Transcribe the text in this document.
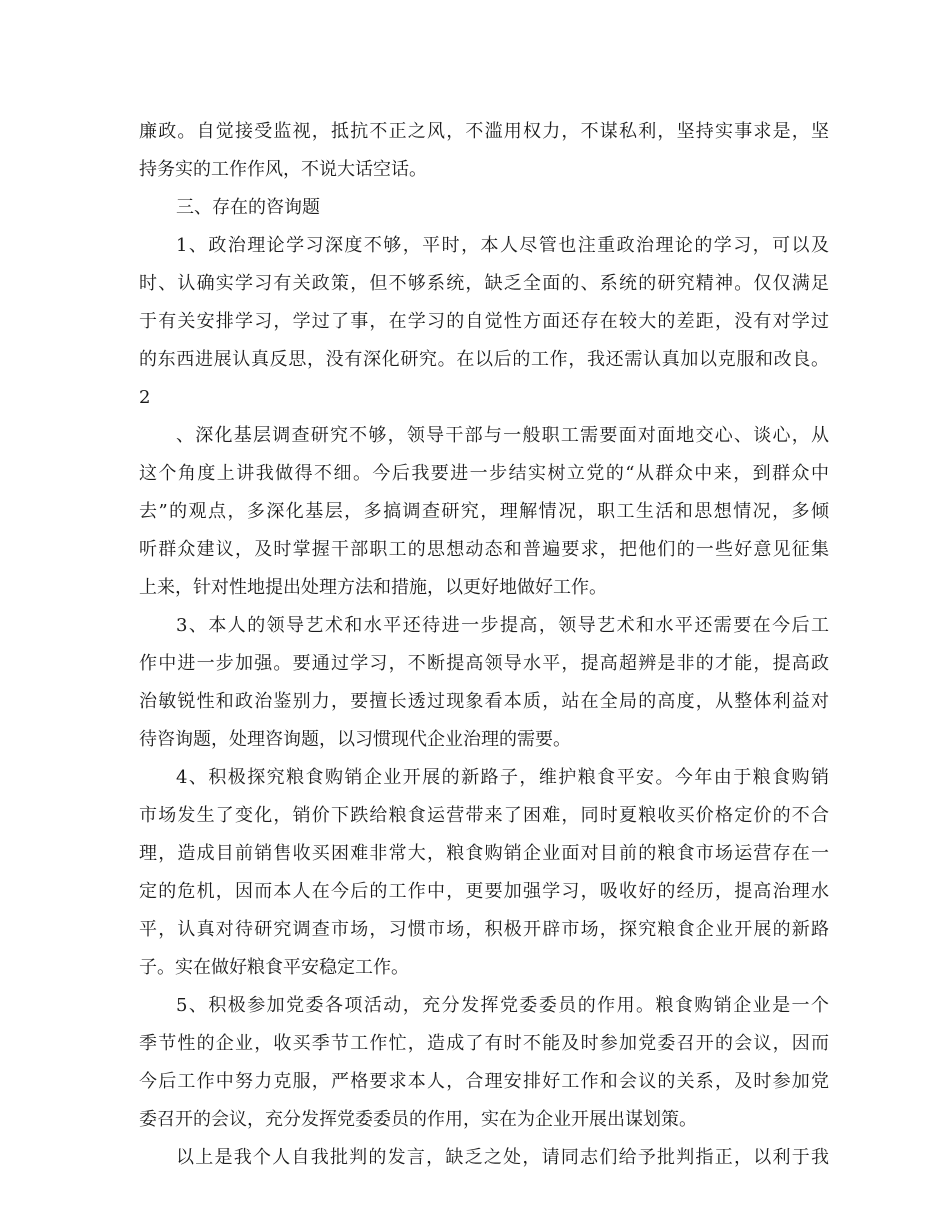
廉政。自觉接受监视，抵抗不正之风，不滥用权力，不谋私利，坚持实事求是，坚
持务实的工作作风，不说大话空话。
三、存在的咨询题
1、政治理论学习深度不够，平时，本人尽管也注重政治理论的学习，可以及
时、认确实学习有关政策，但不够系统，缺乏全面的、系统的研究精神。仅仅满足
于有关安排学习，学过了事，在学习的自觉性方面还存在较大的差距，没有对学过
的东西进展认真反思，没有深化研究。在以后的工作，我还需认真加以克服和改良。
2
、深化基层调查研究不够，领导干部与一般职工需要面对面地交心、谈心，从
这个角度上讲我做得不细。今后我要进一步结实树立党的“从群众中来，到群众中
去”的观点，多深化基层，多搞调查研究，理解情况，职工生活和思想情况，多倾
听群众建议，及时掌握干部职工的思想动态和普遍要求，把他们的一些好意见征集
上来，针对性地提出处理方法和措施，以更好地做好工作。
3、本人的领导艺术和水平还待进一步提高，领导艺术和水平还需要在今后工
作中进一步加强。要通过学习，不断提高领导水平，提高超辨是非的才能，提高政
治敏锐性和政治鉴别力，要擅长透过现象看本质，站在全局的高度，从整体利益对
待咨询题，处理咨询题，以习惯现代企业治理的需要。
4、积极探究粮食购销企业开展的新路子，维护粮食平安。今年由于粮食购销
市场发生了变化，销价下跌给粮食运营带来了困难，同时夏粮收买价格定价的不合
理，造成目前销售收买困难非常大，粮食购销企业面对目前的粮食市场运营存在一
定的危机，因而本人在今后的工作中，更要加强学习，吸收好的经历，提高治理水
平，认真对待研究调查市场，习惯市场，积极开辟市场，探究粮食企业开展的新路
子。实在做好粮食平安稳定工作。
5、积极参加党委各项活动，充分发挥党委委员的作用。粮食购销企业是一个
季节性的企业，收买季节工作忙，造成了有时不能及时参加党委召开的会议，因而
今后工作中努力克服，严格要求本人，合理安排好工作和会议的关系，及时参加党
委召开的会议，充分发挥党委委员的作用，实在为企业开展出谋划策。
以上是我个人自我批判的发言，缺乏之处，请同志们给予批判指正，以利于我
